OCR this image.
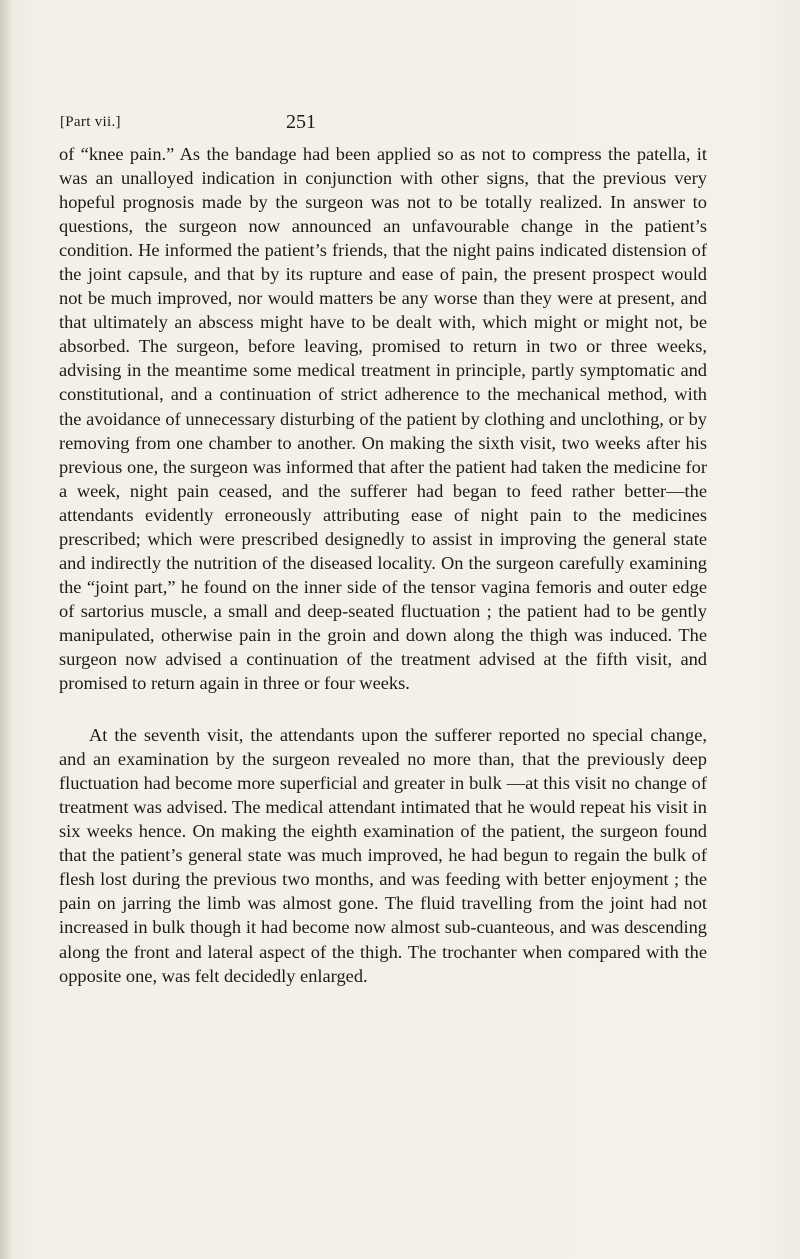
[Part vii.]	251

of “knee pain.” As the bandage had been applied so as not to compress the patella, it was an unalloyed indication in conjunction with other signs, that the previous very hopeful prognosis made by the surgeon was not to be totally realized. In answer to questions, the surgeon now announced an unfavourable change in the patient’s condition. He informed the patient’s friends, that the night pains indicated distension of the joint capsule, and that by its rupture and ease of pain, the present prospect would not be much improved, nor would matters be any worse than they were at present, and that ultimately an abscess might have to be dealt with, which might or might not, be absorbed. The surgeon, before leaving, promised to return in two or three weeks, advising in the meantime some medical treatment in principle, partly symptomatic and constitutional, and a continuation of strict adherence to the mechanical method, with the avoidance of unnecessary disturbing of the patient by clothing and unclothing, or by removing from one chamber to another. On making the sixth visit, two weeks after his previous one, the surgeon was informed that after the patient had taken the medicine for a week, night pain ceased, and the sufferer had began to feed rather better—the attendants evidently erroneously attributing ease of night pain to the medicines prescribed; which were prescribed designedly to assist in improving the general state and indirectly the nutrition of the diseased locality. On the surgeon carefully examining the “joint part,” he found on the inner side of the tensor vagina femoris and outer edge of sartorius muscle, a small and deep-seated fluctuation ; the patient had to be gently manipulated, otherwise pain in the groin and down along the thigh was induced. The surgeon now advised a continuation of the treatment advised at the fifth visit, and promised to return again in three or four weeks.

At the seventh visit, the attendants upon the sufferer reported no special change, and an examination by the surgeon revealed no more than, that the previously deep fluctuation had become more superficial and greater in bulk —at this visit no change of treatment was advised. The medical attendant intimated that he would repeat his visit in six weeks hence. On making the eighth examination of the patient, the surgeon found that the patient’s general state was much improved, he had begun to regain the bulk of flesh lost during the previous two months, and was feeding with better enjoyment ; the pain on jarring the limb was almost gone. The fluid travelling from the joint had not increased in bulk though it had become now almost sub-cuanteous, and was descending along the front and lateral aspect of the thigh. The trochanter when compared with the opposite one, was felt decidedly enlarged.
